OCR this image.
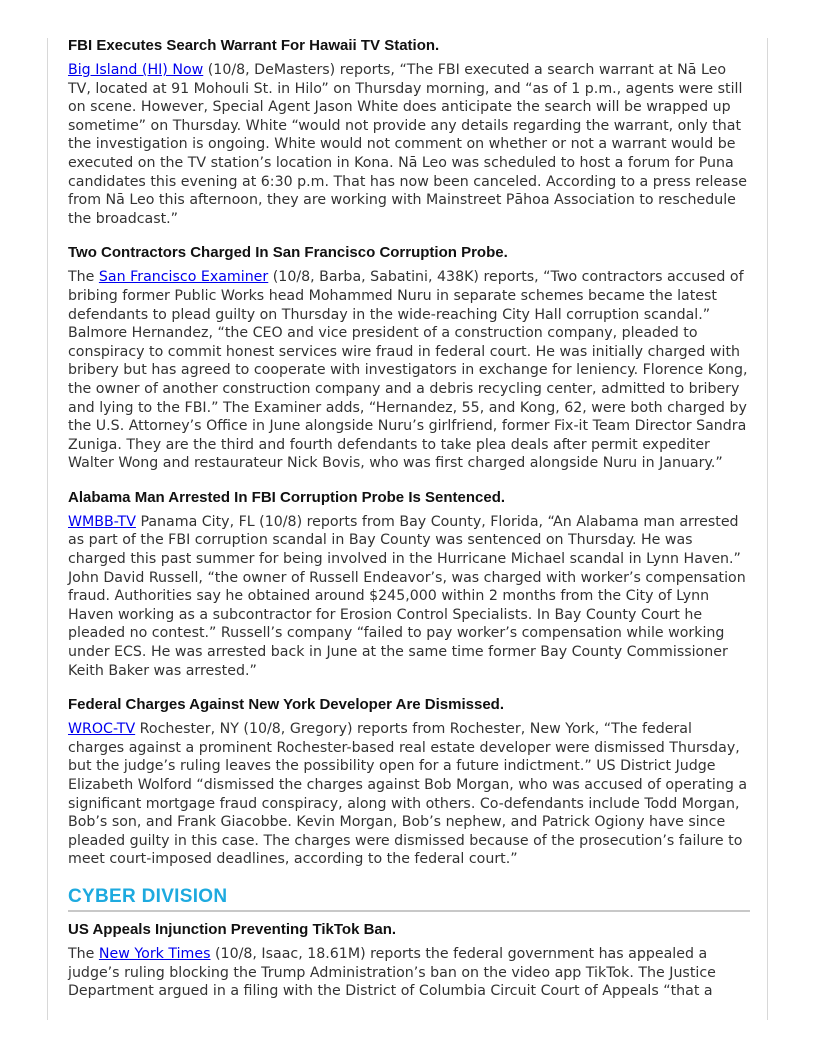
FBI Executes Search Warrant For Hawaii TV Station.

Big Island (HI) Now (10/8, DeMasters) reports, “The FBI executed a search warrant at Nā Leo TV, located at 91 Mohouli St. in Hilo” on Thursday morning, and “as of 1 p.m., agents were still on scene. However, Special Agent Jason White does anticipate the search will be wrapped up sometime” on Thursday. White “would not provide any details regarding the warrant, only that the investigation is ongoing. White would not comment on whether or not a warrant would be executed on the TV station’s location in Kona. Nā Leo was scheduled to host a forum for Puna candidates this evening at 6:30 p.m. That has now been canceled. According to a press release from Nā Leo this afternoon, they are working with Mainstreet Pāhoa Association to reschedule the broadcast.”

Two Contractors Charged In San Francisco Corruption Probe.

The San Francisco Examiner (10/8, Barba, Sabatini, 438K) reports, “Two contractors accused of bribing former Public Works head Mohammed Nuru in separate schemes became the latest defendants to plead guilty on Thursday in the wide-reaching City Hall corruption scandal.” Balmore Hernandez, “the CEO and vice president of a construction company, pleaded to conspiracy to commit honest services wire fraud in federal court. He was initially charged with bribery but has agreed to cooperate with investigators in exchange for leniency. Florence Kong, the owner of another construction company and a debris recycling center, admitted to bribery and lying to the FBI.” The Examiner adds, “Hernandez, 55, and Kong, 62, were both charged by the U.S. Attorney’s Office in June alongside Nuru’s girlfriend, former Fix-it Team Director Sandra Zuniga. They are the third and fourth defendants to take plea deals after permit expediter Walter Wong and restaurateur Nick Bovis, who was first charged alongside Nuru in January.”

Alabama Man Arrested In FBI Corruption Probe Is Sentenced.

WMBB-TV Panama City, FL (10/8) reports from Bay County, Florida, “An Alabama man arrested as part of the FBI corruption scandal in Bay County was sentenced on Thursday. He was charged this past summer for being involved in the Hurricane Michael scandal in Lynn Haven.” John David Russell, “the owner of Russell Endeavor’s, was charged with worker’s compensation fraud. Authorities say he obtained around $245,000 within 2 months from the City of Lynn Haven working as a subcontractor for Erosion Control Specialists. In Bay County Court he pleaded no contest.” Russell’s company “failed to pay worker’s compensation while working under ECS. He was arrested back in June at the same time former Bay County Commissioner Keith Baker was arrested.”

Federal Charges Against New York Developer Are Dismissed.

WROC-TV Rochester, NY (10/8, Gregory) reports from Rochester, New York, “The federal charges against a prominent Rochester-based real estate developer were dismissed Thursday, but the judge’s ruling leaves the possibility open for a future indictment.” US District Judge Elizabeth Wolford “dismissed the charges against Bob Morgan, who was accused of operating a significant mortgage fraud conspiracy, along with others. Co-defendants include Todd Morgan, Bob’s son, and Frank Giacobbe. Kevin Morgan, Bob’s nephew, and Patrick Ogiony have since pleaded guilty in this case. The charges were dismissed because of the prosecution’s failure to meet court-imposed deadlines, according to the federal court.”

CYBER DIVISION
US Appeals Injunction Preventing TikTok Ban.

The New York Times (10/8, Isaac, 18.61M) reports the federal government has appealed a judge’s ruling blocking the Trump Administration’s ban on the video app TikTok. The Justice Department argued in a filing with the District of Columbia Circuit Court of Appeals “that a
